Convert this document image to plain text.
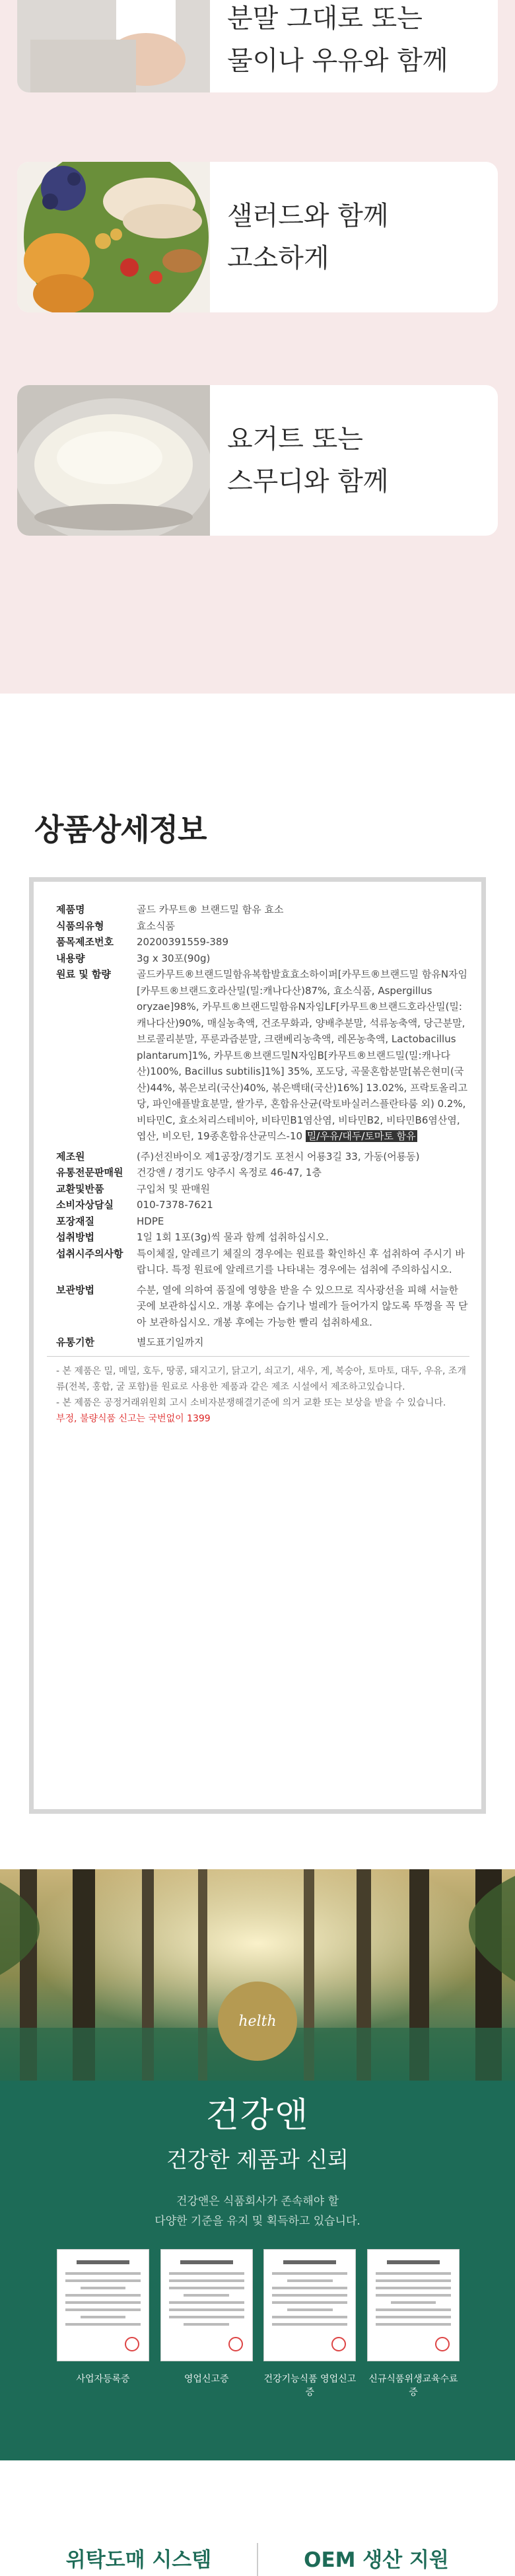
분말 그대로 또는
물이나 우유와 함께
샐러드와 함께
고소하게
요거트 또는
스무디와 함께
상품상세정보
제품명	골드 카무트® 브랜드밀 함유 효소
식품의유형	효소식품
품목제조번호	20200391559-389
내용량	3g x 30포(90g)
원료 및 함량	골드카무트®브랜드밀함유복합발효효소하이퍼[카무트®브랜드밀 함유N자임[카무트®브랜드호라산밀(밀:캐나다산)87%, 효소식품, Aspergillus oryzae]98%, 카무트®브랜드밀함유N자임LF[카무트®브랜드호라산밀(밀:캐나다산)90%, 매실농축액, 건조무화과, 양배추분말, 석류농축액, 당근분말, 브로콜리분말, 푸룬과즙분말, 크랜베리농축액, 레몬농축액, Lactobacillus plantarum]1%, 카무트®브랜드밀N자임B[카무트®브랜드밀(밀:캐나다산)100%, Bacillus subtilis]1%] 35%, 포도당, 곡물혼합분말[볶은현미(국산)44%, 볶은보리(국산)40%, 볶은백태(국산)16%] 13.02%, 프락토올리고당, 파인애플발효분말, 쌀가루, 혼합유산균(락토바실러스플란타룸 외) 0.2%, 비타민C, 효소처리스테비아, 비타민B1염산염, 비타민B2, 비타민B6염산염, 엽산, 비오틴, 19종혼합유산균믹스-10 밀/우유/대두/토마토 함유
제조원	(주)선진바이오 제1공장/경기도 포천시 어룡3길 33, 가동(어룡동)
유통전문판매원	건강앤 / 경기도 양주시 옥정로 46-47, 1층
교환및반품	구입처 및 판매원
소비자상담실	010-7378-7621
포장재질	HDPE
섭취방법	1일 1회 1포(3g)씩 물과 함께 섭취하십시오.
섭취시주의사항	특이체질, 알레르기 체질의 경우에는 원료를 확인하신 후 섭취하여 주시기 바랍니다. 특정 원료에 알레르기를 나타내는 경우에는 섭취에 주의하십시오.
보관방법	수분, 열에 의하여 품질에 영향을 받을 수 있으므로 직사광선을 피해 서늘한 곳에 보관하십시오. 개봉 후에는 습기나 벌레가 들어가지 않도록 뚜껑을 꼭 닫아 보관하십시오. 개봉 후에는 가능한 빨리 섭취하세요.
유통기한	별도표기일까지
- 본 제품은 밀, 메밀, 호두, 땅콩, 돼지고기, 닭고기, 쇠고기, 새우, 게, 복숭아, 토마토, 대두, 우유, 조개류(전복, 홍합, 굴 포함)를 원료로 사용한 제품과 같은 제조 시설에서 제조하고있습니다.
- 본 제품은 공정거래위원회 고시 소비자분쟁해결기준에 의거 교환 또는 보상을 받을 수 있습니다.
부정, 불량식품 신고는 국번없이 1399
helth
건강앤
건강한 제품과 신뢰
건강앤은 식품회사가 존속해야 할
다양한 기준을 유지 및 획득하고 있습니다.
사업자등록증	영업신고증	건강기능식품 영업신고증
신규식품위생교육수료증
위탁도매 시스템	OEM 생산 지원
